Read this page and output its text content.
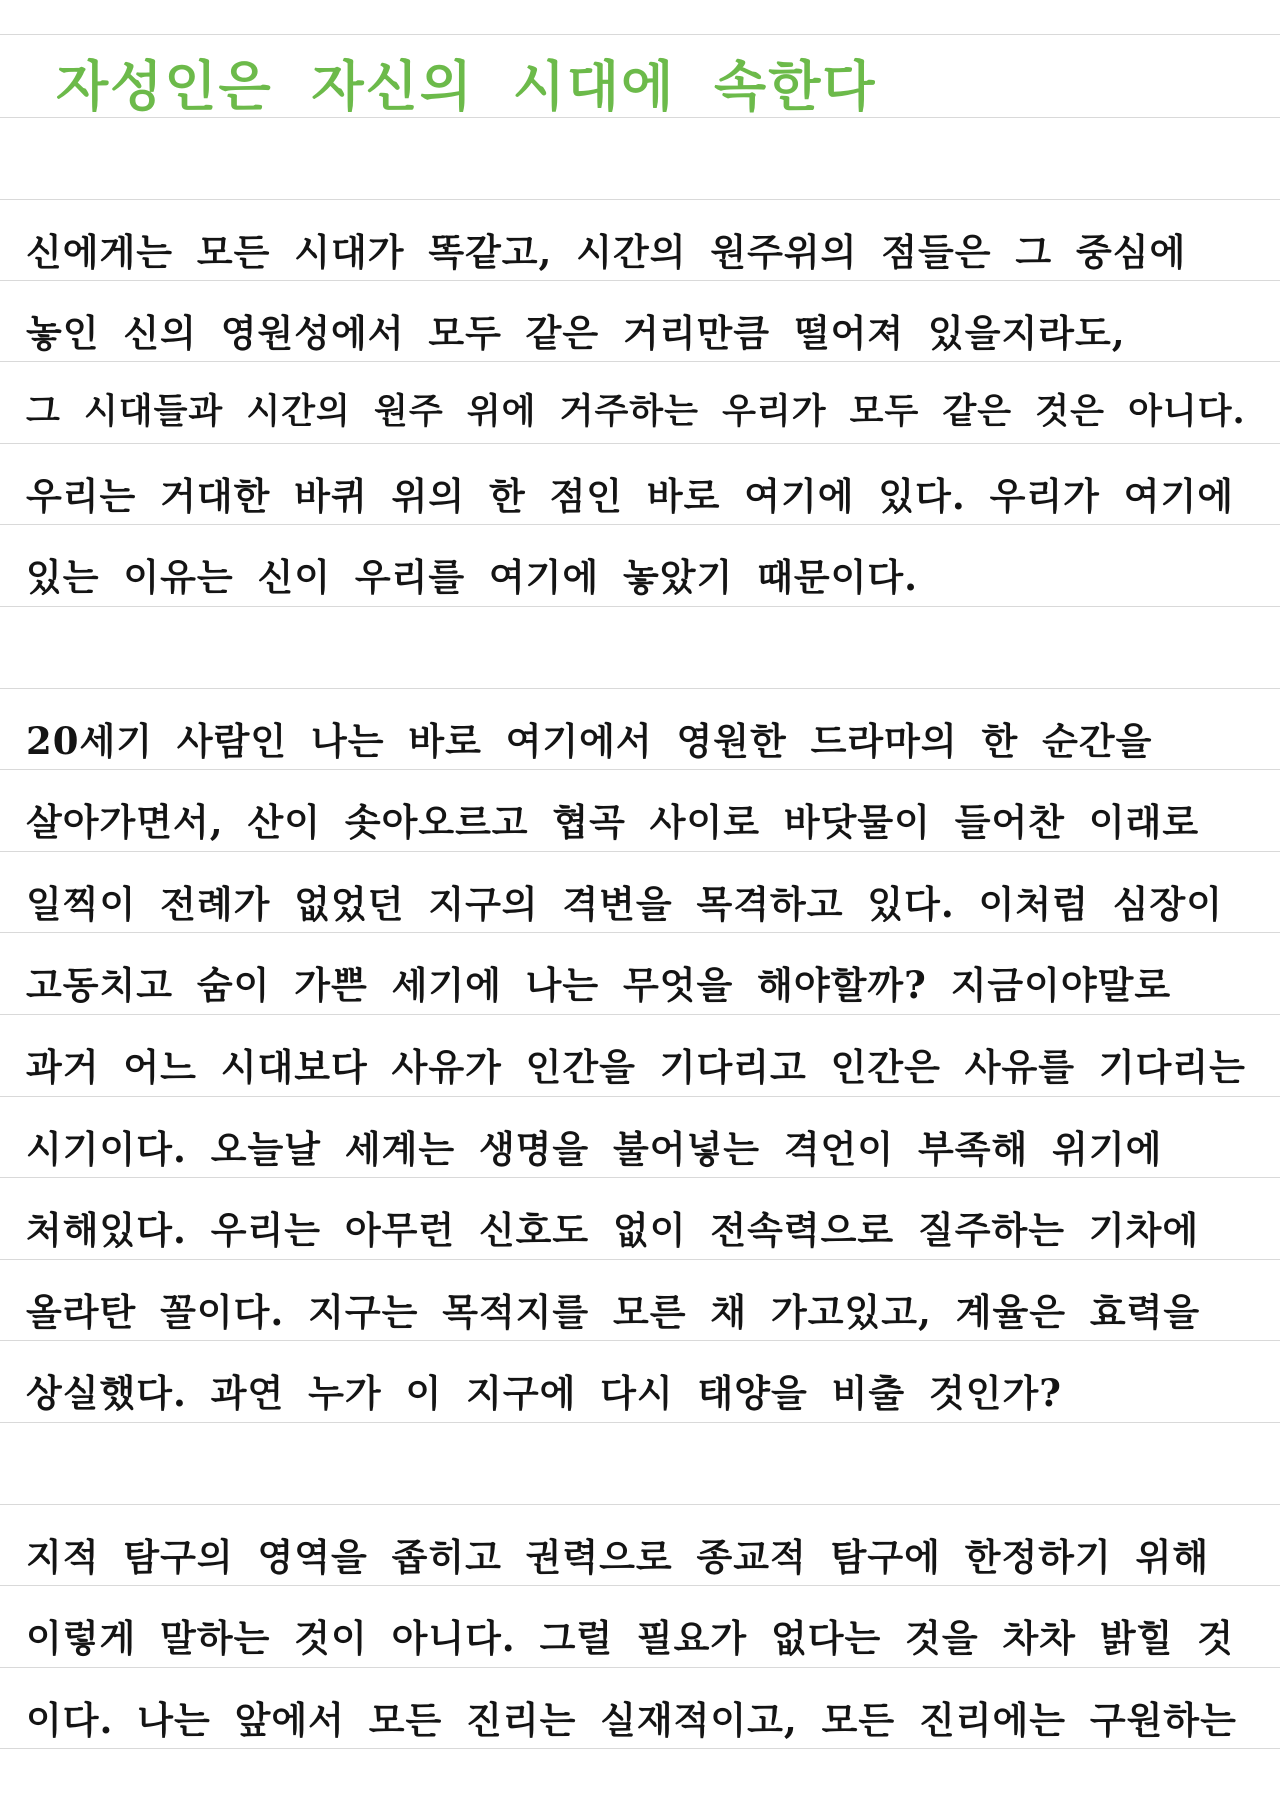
자성인은 자신의 시대에 속한다
신에게는 모든 시대가 똑같고, 시간의 원주위의 점들은 그 중심에
놓인 신의 영원성에서 모두 같은 거리만큼 떨어져 있을지라도,
그 시대들과 시간의 원주 위에 거주하는 우리가 모두 같은 것은 아니다.
우리는 거대한 바퀴 위의 한 점인 바로 여기에 있다. 우리가 여기에
있는 이유는 신이 우리를 여기에 놓았기 때문이다.
20세기 사람인 나는 바로 여기에서 영원한 드라마의 한 순간을
살아가면서, 산이 솟아오르고 협곡 사이로 바닷물이 들어찬 이래로
일찍이 전례가 없었던 지구의 격변을 목격하고 있다. 이처럼 심장이
고동치고 숨이 가쁜 세기에 나는 무엇을 해야할까? 지금이야말로
과거 어느 시대보다 사유가 인간을 기다리고 인간은 사유를 기다리는
시기이다. 오늘날 세계는 생명을 불어넣는 격언이 부족해 위기에
처해있다. 우리는 아무런 신호도 없이 전속력으로 질주하는 기차에
올라탄 꼴이다. 지구는 목적지를 모른 채 가고있고, 계율은 효력을
상실했다. 과연 누가 이 지구에 다시 태양을 비출 것인가?
지적 탐구의 영역을 좁히고 권력으로 종교적 탐구에 한정하기 위해
이렇게 말하는 것이 아니다. 그럴 필요가 없다는 것을 차차 밝힐 것
이다. 나는 앞에서 모든 진리는 실재적이고, 모든 진리에는 구원하는
